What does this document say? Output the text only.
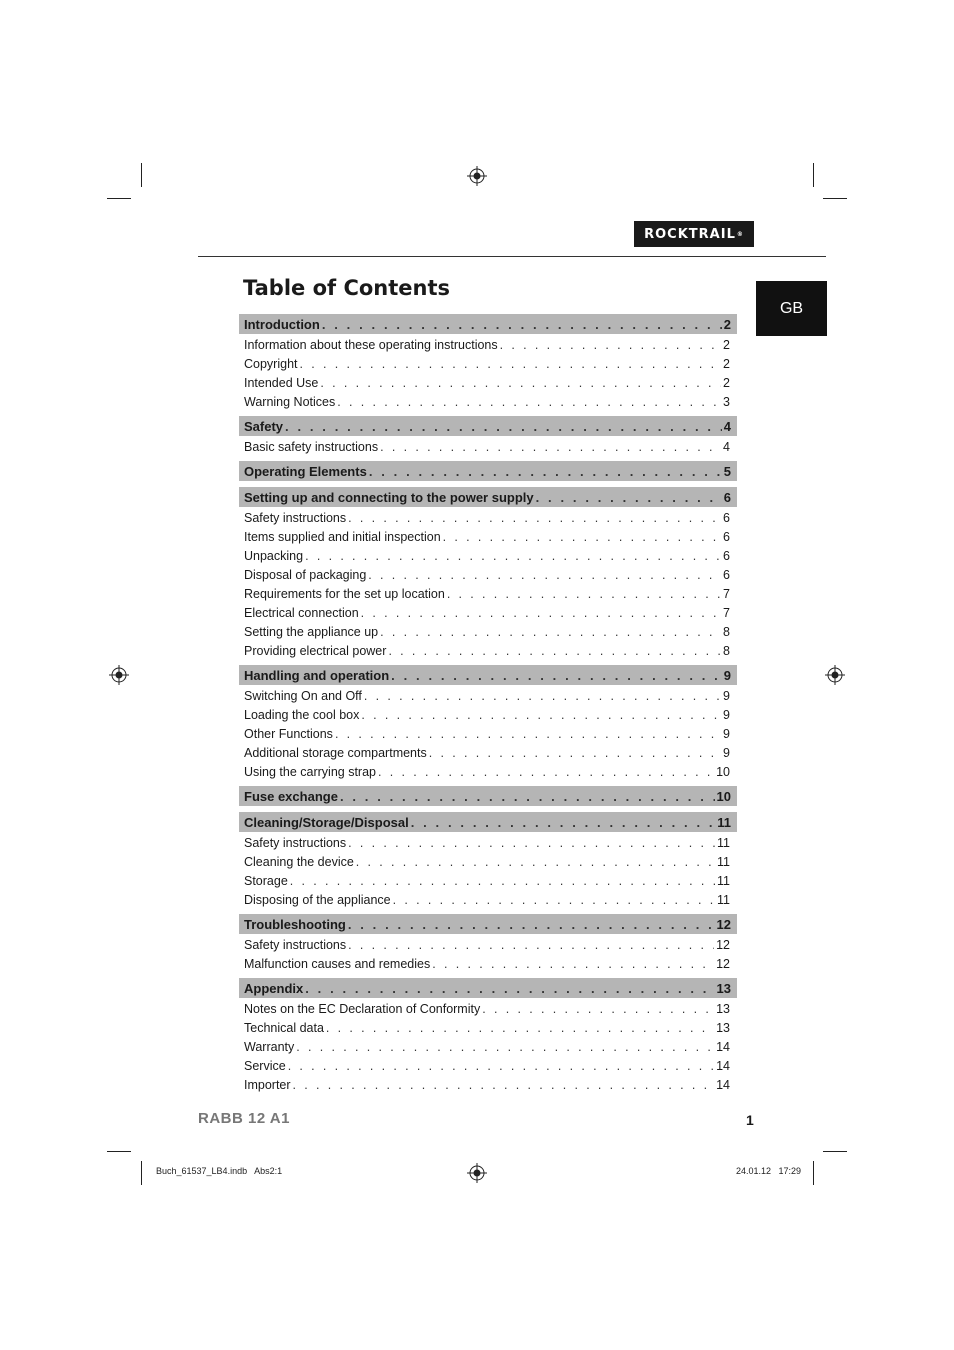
ROCKTRAIL ®
GB
Table of Contents
Introduction . . .	2
Information about these operating instructions . . .	2
Copyright . . .	2
Intended Use . . .	2
Warning Notices . . .	3
Safety . . .	4
Basic safety instructions . . .	4
Operating Elements . . .	5
Setting up and connecting to the power supply . . .	6
Safety instructions . . .	6
Items supplied and initial inspection . . .	6
Unpacking . . .	6
Disposal of packaging . . .	6
Requirements for the set up location . . .	7
Electrical connection . . .	7
Setting the appliance up . . .	8
Providing electrical power . . .	8
Handling and operation . . .	9
Switching On and Off . . .	9
Loading the cool box . . .	9
Other Functions . . .	9
Additional storage compartments . . .	9
Using the carrying strap . . .	10
Fuse exchange . . .	10
Cleaning/Storage/Disposal . . .	11
Safety instructions . . .	11
Cleaning the device . . .	11
Storage . . .	11
Disposing of the appliance . . .	11
Troubleshooting . . .	12
Safety instructions . . .	12
Malfunction causes and remedies . . .	12
Appendix . . .	13
Notes on the EC Declaration of Conformity . . .	13
Technical data . . .	13
Warranty . . .	14
Service . . .	14
Importer . . .	14
RABB 12 A1	1
Buch_61537_LB4.indb   Abs2:1	24.01.12   17:29
